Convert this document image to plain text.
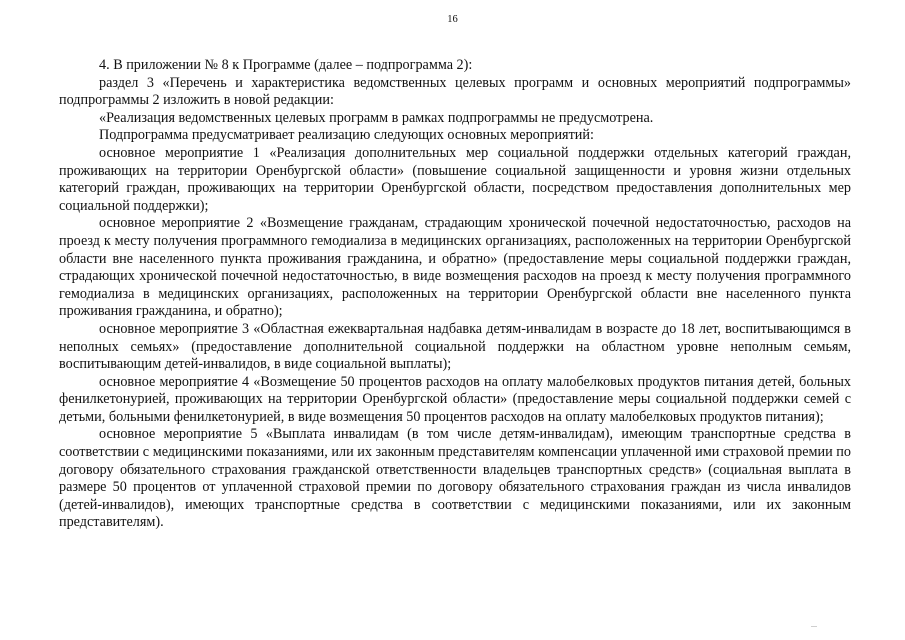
16

4. В приложении № 8 к Программе (далее – подпрограмма 2):

раздел 3 «Перечень и характеристика ведомственных целевых программ и основных мероприятий подпрограммы» подпрограммы 2 изложить в новой редакции:

«Реализация ведомственных целевых программ в рамках подпрограммы не предусмотрена.

Подпрограмма предусматривает реализацию следующих основных мероприятий:

основное мероприятие 1 «Реализация дополнительных мер социальной поддержки отдельных категорий граждан, проживающих на территории Оренбургской области» (повышение социальной защищенности и уровня жизни отдельных категорий граждан, проживающих на территории Оренбургской области, посредством предоставления дополнительных мер социальной поддержки);

основное мероприятие 2 «Возмещение гражданам, страдающим хронической почечной недостаточностью, расходов на проезд к месту получения программного гемодиализа в медицинских организациях, расположенных на территории Оренбургской области вне населенного пункта проживания гражданина, и обратно» (предоставление меры социальной поддержки граждан, страдающих хронической почечной недостаточностью, в виде возмещения расходов на проезд к месту получения программного гемодиализа в медицинских организациях, расположенных на территории Оренбургской области вне населенного пункта проживания гражданина, и обратно);

основное мероприятие 3 «Областная ежеквартальная надбавка детям-инвалидам в возрасте до 18 лет, воспитывающимся в неполных семьях» (предоставление дополнительной социальной поддержки на областном уровне неполным семьям, воспитывающим детей-инвалидов, в виде социальной выплаты);

основное мероприятие 4 «Возмещение 50 процентов расходов на оплату малобелковых продуктов питания детей, больных фенилкетонурией, проживающих на территории Оренбургской области» (предоставление меры социальной поддержки семей с детьми, больными фенилкетонурией, в виде возмещения 50 процентов расходов на оплату малобелковых продуктов питания);

основное мероприятие 5 «Выплата инвалидам (в том числе детям-инвалидам), имеющим транспортные средства в соответствии с медицинскими показаниями, или их законным представителям компенсации уплаченной ими страховой премии по договору обязательного страхования гражданской ответственности владельцев транспортных средств» (социальная выплата в размере 50 процентов от уплаченной страховой премии по договору обязательного страхования граждан из числа инвалидов (детей-инвалидов), имеющих транспортные средства в соответствии с медицинскими показаниями, или их законным представителям).
